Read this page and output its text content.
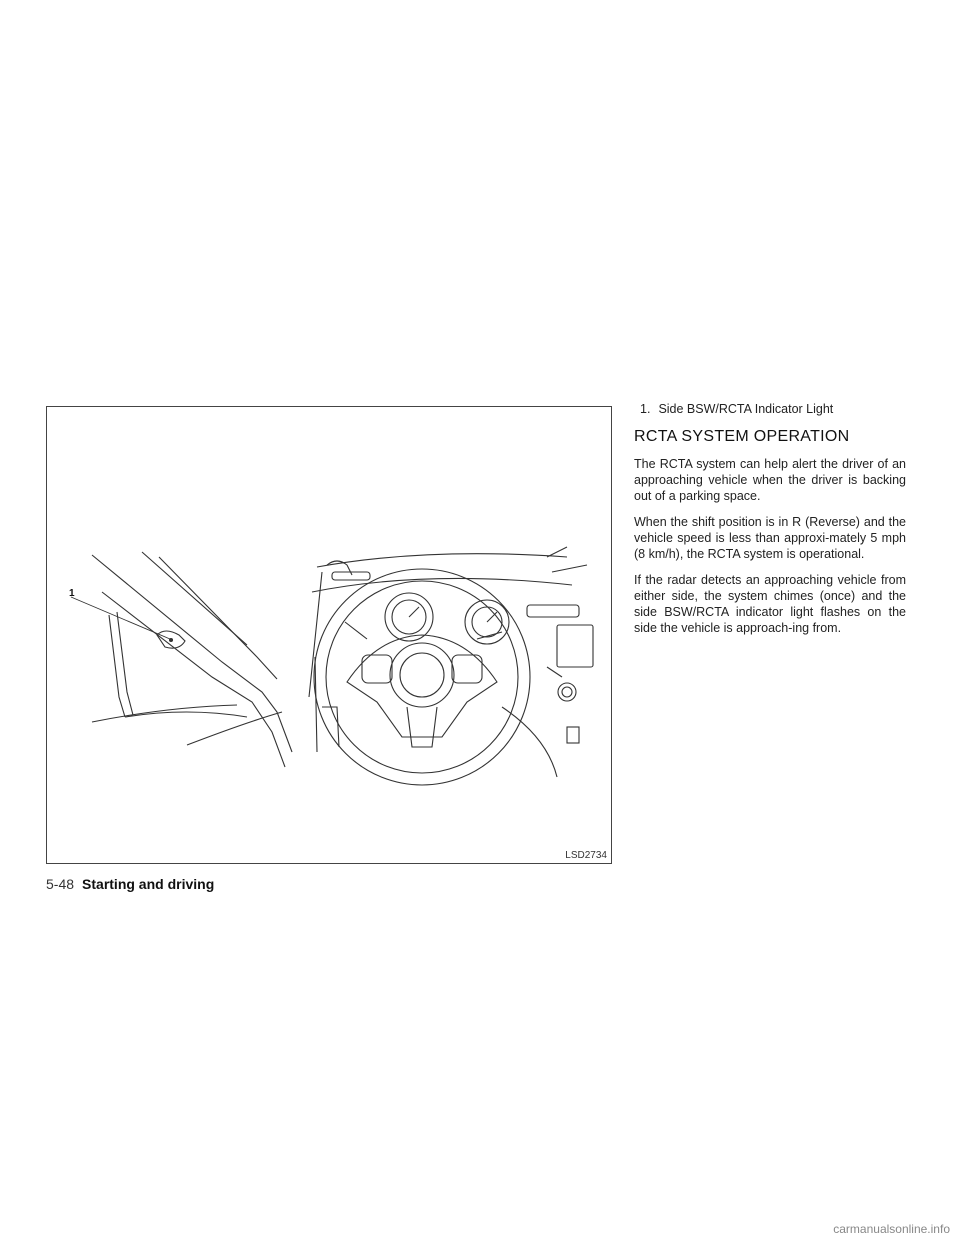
1
LSD2734
1. Side BSW/RCTA Indicator Light
RCTA SYSTEM OPERATION

The RCTA system can help alert the driver of an approaching vehicle when the driver is backing out of a parking space.

When the shift position is in R (Reverse) and the vehicle speed is less than approxi-mately 5 mph (8 km/h), the RCTA system is operational.

If the radar detects an approaching vehicle from either side, the system chimes (once) and the side BSW/RCTA indicator light flashes on the side the vehicle is approach-ing from.

5-48 Starting and driving
carmanualsonline.info
